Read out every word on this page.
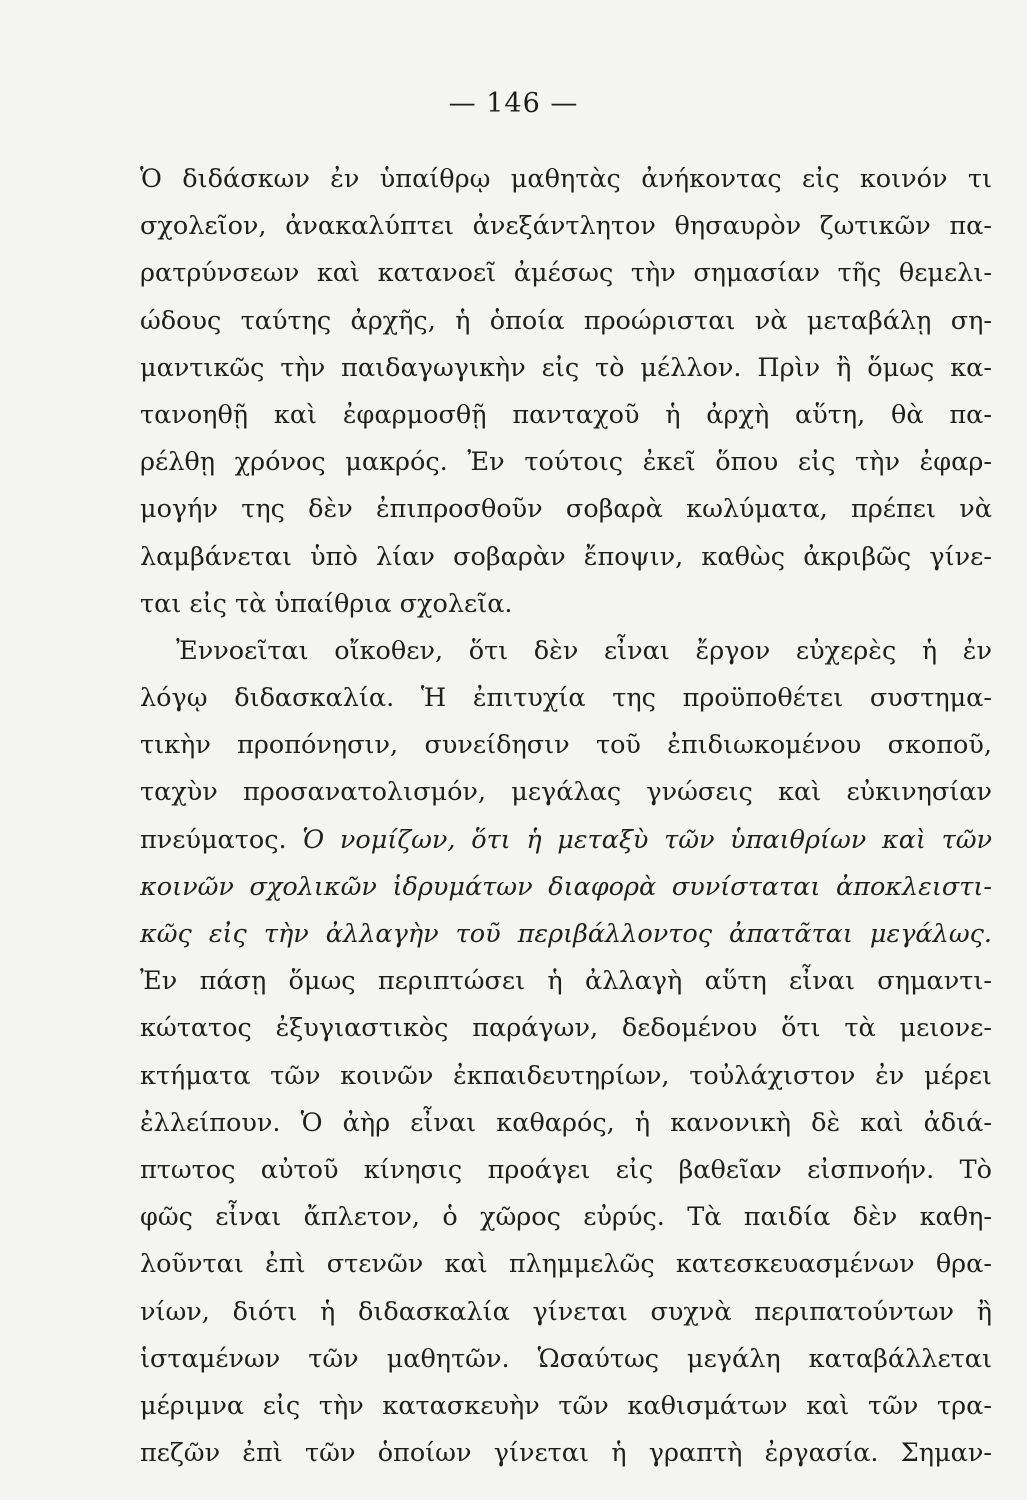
— 146 —
Ὁ διδάσκων ἐν ὑπαίθρῳ μαθητὰς ἀνήκοντας εἰς κοινόν τι
σχολεῖον, ἀνακαλύπτει ἀνεξάντλητον θησαυρὸν ζωτικῶν πα-
ρατρύνσεων καὶ κατανοεῖ ἀμέσως τὴν σημασίαν τῆς θεμελι-
ώδους ταύτης ἀρχῆς, ἡ ὁποία προώρισται νὰ μεταβάλῃ ση-
μαντικῶς τὴν παιδαγωγικὴν εἰς τὸ μέλλον. Πρὶν ἢ ὅμως κα-
τανοηθῇ καὶ ἐφαρμοσθῇ πανταχοῦ ἡ ἀρχὴ αὕτη, θὰ πα-
ρέλθῃ χρόνος μακρός. Ἐν τούτοις ἐκεῖ ὅπου εἰς τὴν ἐφαρ-
μογήν της δὲν ἐπιπροσθοῦν σοβαρὰ κωλύματα, πρέπει νὰ
λαμβάνεται ὑπὸ λίαν σοβαρὰν ἔποψιν, καθὼς ἀκριβῶς γίνε-
ται εἰς τὰ ὑπαίθρια σχολεῖα.
Ἐννοεῖται οἴκοθεν, ὅτι δὲν εἶναι ἔργον εὐχερὲς ἡ ἐν
λόγῳ διδασκαλία. Ἡ ἐπιτυχία της προϋποθέτει συστημα-
τικὴν προπόνησιν, συνείδησιν τοῦ ἐπιδιωκομένου σκοποῦ,
ταχὺν προσανατολισμόν, μεγάλας γνώσεις καὶ εὐκινησίαν
πνεύματος. Ὁ νομίζων, ὅτι ἡ μεταξὺ τῶν ὑπαιθρίων καὶ τῶν
κοινῶν σχολικῶν ἱδρυμάτων διαφορὰ συνίσταται ἀποκλειστι-
κῶς εἰς τὴν ἀλλαγὴν τοῦ περιβάλλοντος ἀπατᾶται μεγάλως.
Ἐν πάσῃ ὅμως περιπτώσει ἡ ἀλλαγὴ αὕτη εἶναι σημαντι-
κώτατος ἐξυγιαστικὸς παράγων, δεδομένου ὅτι τὰ μειονε-
κτήματα τῶν κοινῶν ἐκπαιδευτηρίων, τοὐλάχιστον ἐν μέρει
ἐλλείπουν. Ὁ ἀὴρ εἶναι καθαρός, ἡ κανονικὴ δὲ καὶ ἀδιά-
πτωτος αὐτοῦ κίνησις προάγει εἰς βαθεῖαν εἰσπνοήν. Τὸ
φῶς εἶναι ἄπλετον, ὁ χῶρος εὐρύς. Τὰ παιδία δὲν καθη-
λοῦνται ἐπὶ στενῶν καὶ πλημμελῶς κατεσκευασμένων θρα-
νίων, διότι ἡ διδασκαλία γίνεται συχνὰ περιπατούντων ἢ
ἱσταμένων τῶν μαθητῶν. Ὡσαύτως μεγάλη καταβάλλεται
μέριμνα εἰς τὴν κατασκευὴν τῶν καθισμάτων καὶ τῶν τρα-
πεζῶν ἐπὶ τῶν ὁποίων γίνεται ἡ γραπτὴ ἐργασία. Σημαν-
